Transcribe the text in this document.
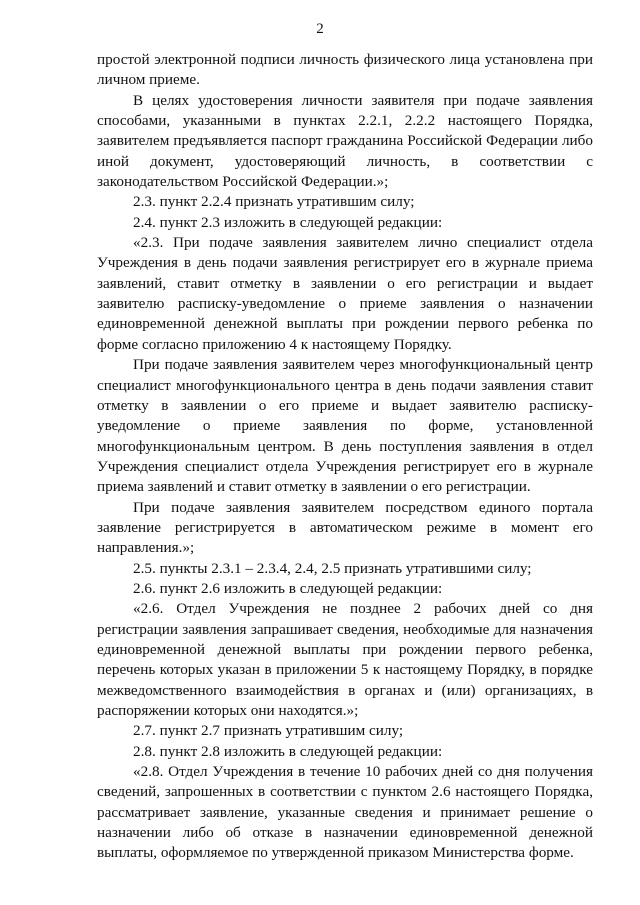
2

простой электронной подписи личность физического лица установлена при личном приеме.

В целях удостоверения личности заявителя при подаче заявления способами, указанными в пунктах 2.2.1, 2.2.2 настоящего Порядка, заявителем предъявляется паспорт гражданина Российской Федерации либо иной документ, удостоверяющий личность, в соответствии с законодательством Российской Федерации.»;

2.3. пункт 2.2.4 признать утратившим силу;

2.4. пункт 2.3 изложить в следующей редакции:

«2.3. При подаче заявления заявителем лично специалист отдела Учреждения в день подачи заявления регистрирует его в журнале приема заявлений, ставит отметку в заявлении о его регистрации и выдает заявителю расписку-уведомление о приеме заявления о назначении единовременной денежной выплаты при рождении первого ребенка по форме согласно приложению 4 к настоящему Порядку.

При подаче заявления заявителем через многофункциональный центр специалист многофункционального центра в день подачи заявления ставит отметку в заявлении о его приеме и выдает заявителю расписку-уведомление о приеме заявления по форме, установленной многофункциональным центром. В день поступления заявления в отдел Учреждения специалист отдела Учреждения регистрирует его в журнале приема заявлений и ставит отметку в заявлении о его регистрации.

При подаче заявления заявителем посредством единого портала заявление регистрируется в автоматическом режиме в момент его направления.»;

2.5. пункты 2.3.1 – 2.3.4, 2.4, 2.5 признать утратившими силу;

2.6. пункт 2.6 изложить в следующей редакции:

«2.6. Отдел Учреждения не позднее 2 рабочих дней со дня регистрации заявления запрашивает сведения, необходимые для назначения единовременной денежной выплаты при рождении первого ребенка, перечень которых указан в приложении 5 к настоящему Порядку, в порядке межведомственного взаимодействия в органах и (или) организациях, в распоряжении которых они находятся.»;

2.7. пункт 2.7 признать утратившим силу;

2.8. пункт 2.8 изложить в следующей редакции:

«2.8. Отдел Учреждения в течение 10 рабочих дней со дня получения сведений, запрошенных в соответствии с пунктом 2.6 настоящего Порядка, рассматривает заявление, указанные сведения и принимает решение о назначении либо об отказе в назначении единовременной денежной выплаты, оформляемое по утвержденной приказом Министерства форме.
